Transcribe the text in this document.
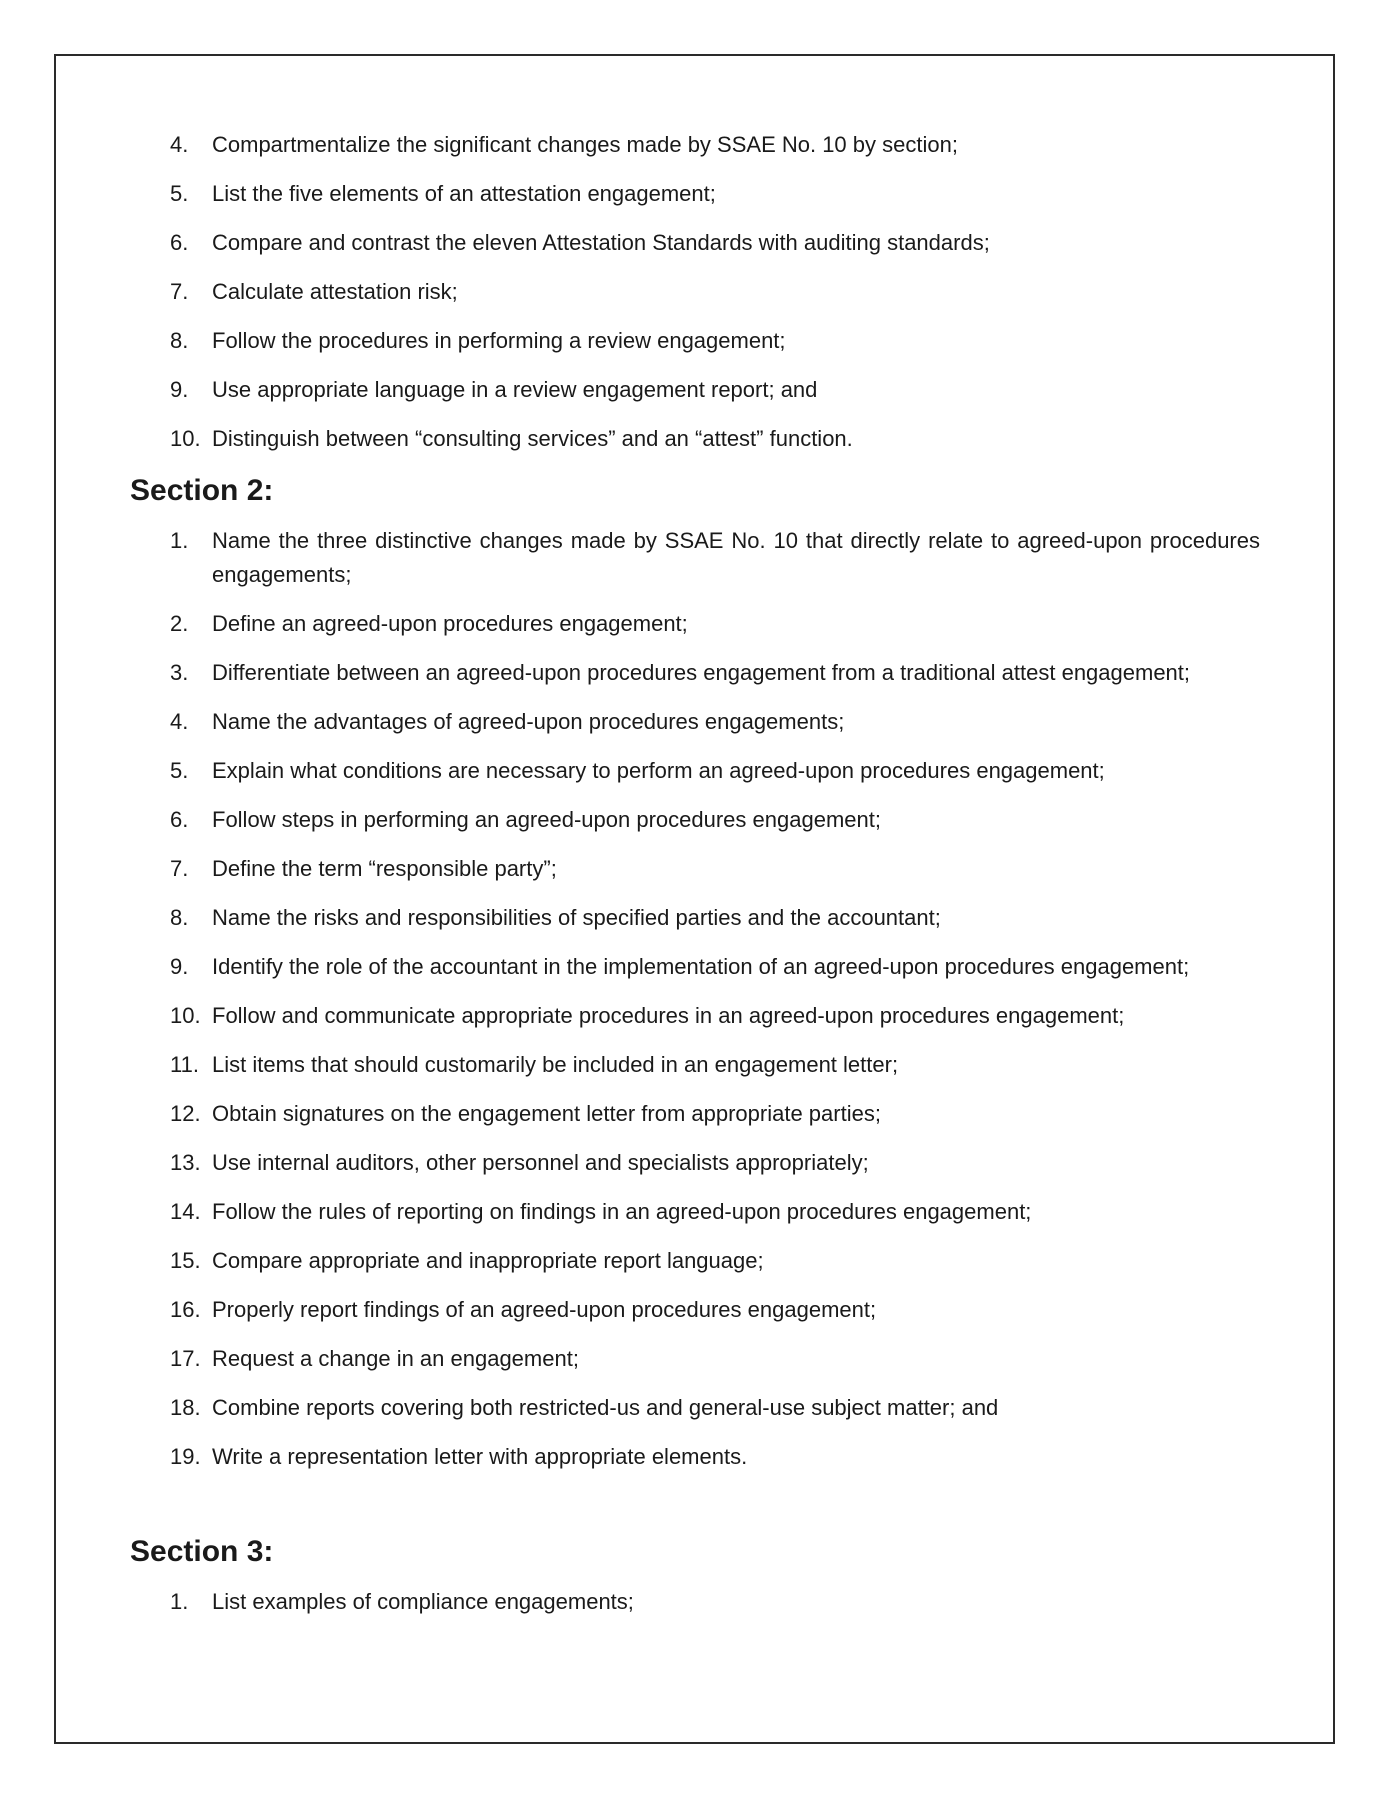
4. Compartmentalize the significant changes made by SSAE No. 10 by section;
5. List the five elements of an attestation engagement;
6. Compare and contrast the eleven Attestation Standards with auditing standards;
7. Calculate attestation risk;
8. Follow the procedures in performing a review engagement;
9. Use appropriate language in a review engagement report; and
10. Distinguish between “consulting services” and an “attest” function.
Section 2:
1. Name the three distinctive changes made by SSAE No. 10 that directly relate to agreed-upon procedures engagements;
2. Define an agreed-upon procedures engagement;
3. Differentiate between an agreed-upon procedures engagement from a traditional attest engagement;
4. Name the advantages of agreed-upon procedures engagements;
5. Explain what conditions are necessary to perform an agreed-upon procedures engagement;
6. Follow steps in performing an agreed-upon procedures engagement;
7. Define the term “responsible party”;
8. Name the risks and responsibilities of specified parties and the accountant;
9. Identify the role of the accountant in the implementation of an agreed-upon procedures engagement;
10. Follow and communicate appropriate procedures in an agreed-upon procedures engagement;
11. List items that should customarily be included in an engagement letter;
12. Obtain signatures on the engagement letter from appropriate parties;
13. Use internal auditors, other personnel and specialists appropriately;
14. Follow the rules of reporting on findings in an agreed-upon procedures engagement;
15. Compare appropriate and inappropriate report language;
16. Properly report findings of an agreed-upon procedures engagement;
17. Request a change in an engagement;
18. Combine reports covering both restricted-us and general-use subject matter; and
19. Write a representation letter with appropriate elements.
Section 3:
1. List examples of compliance engagements;
